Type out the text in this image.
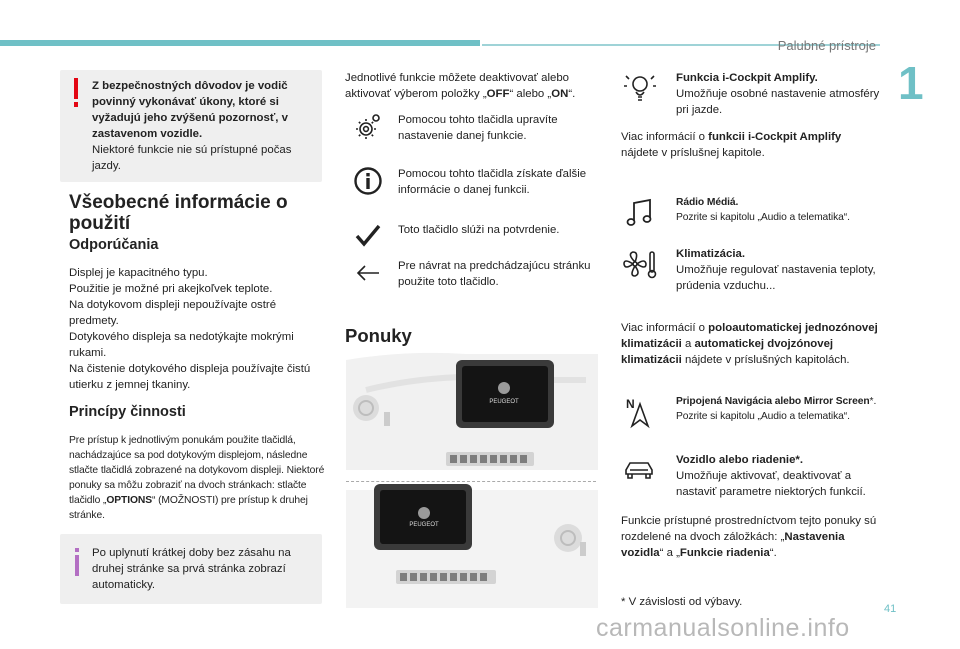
Palubné prístroje
1
41
carmanualsonline.info
Z bezpečnostných dôvodov je vodič povinný vykonávať úkony, ktoré si vyžadujú jeho zvýšenú pozornosť, v zastavenom vozidle.
Niektoré funkcie nie sú prístupné počas jazdy.
Všeobecné informácie o použití
Odporúčania
Displej je kapacitného typu.
Použitie je možné pri akejkoľvek teplote.
Na dotykovom displeji nepoužívajte ostré predmety.
Dotykového displeja sa nedotýkajte mokrými rukami.
Na čistenie dotykového displeja používajte čistú utierku z jemnej tkaniny.
Princípy činnosti
Pre prístup k jednotlivým ponukám použite tlačidlá, nachádzajúce sa pod dotykovým displejom, následne stlačte tlačidlá zobrazené na dotykovom displeji. Niektoré ponuky sa môžu zobraziť na dvoch stránkach: stlačte tlačidlo „OPTIONS“ (MOŽNOSTI) pre prístup k druhej stránke.
Po uplynutí krátkej doby bez zásahu na druhej stránke sa prvá stránka zobrazí automaticky.
Jednotlivé funkcie môžete deaktivovať alebo aktivovať výberom položky „OFF“ alebo „ON“.
Pomocou tohto tlačidla upravíte nastavenie danej funkcie.
Pomocou tohto tlačidla získate ďalšie informácie o danej funkcii.
Toto tlačidlo slúži na potvrdenie.
Pre návrat na predchádzajúcu stránku použite toto tlačidlo.
Ponuky
PEUGEOT
PEUGEOT
Funkcia i-Cockpit Amplify.
Umožňuje osobné nastavenie atmosféry pri jazde.
Viac informácií o funkcii i-Cockpit Amplify nájdete v príslušnej kapitole.
Rádio Médiá.
Pozrite si kapitolu „Audio a telematika“.
Klimatizácia.
Umožňuje regulovať nastavenia teploty, prúdenia vzduchu...
Viac informácií o poloautomatickej jednozónovej klimatizácii a automatickej dvojzónovej klimatizácii nájdete v príslušných kapitolách.
N	Pripojená Navigácia alebo Mirror Screen*.
Pozrite si kapitolu „Audio a telematika“.
Vozidlo alebo riadenie*.
Umožňuje aktivovať, deaktivovať a nastaviť parametre niektorých funkcií.
Funkcie prístupné prostredníctvom tejto ponuky sú rozdelené na dvoch záložkách: „Nastavenia vozidla“ a „Funkcie riadenia“.
* V závislosti od výbavy.
